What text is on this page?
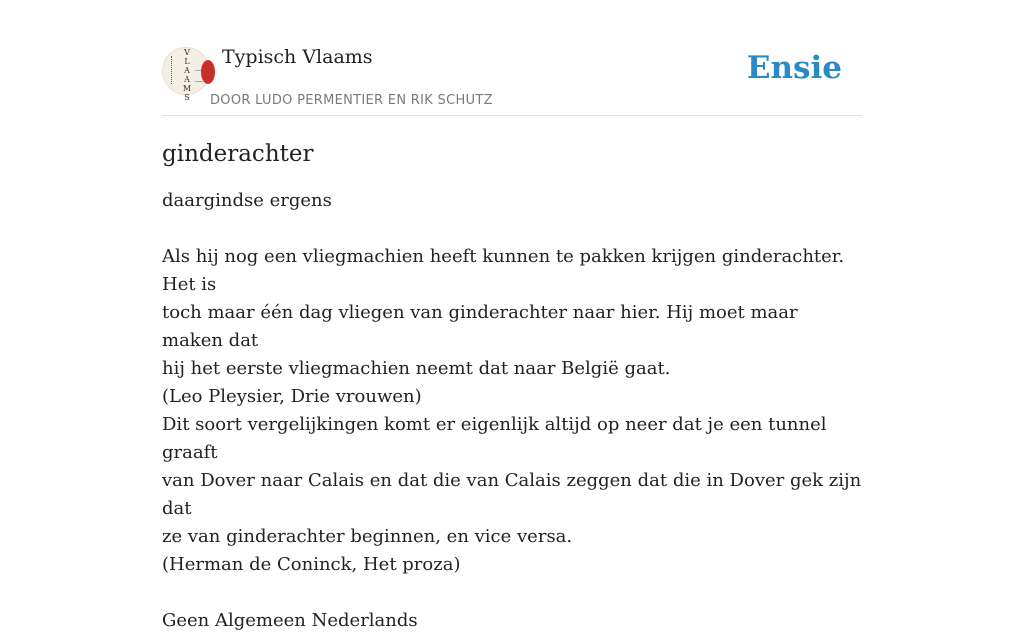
V
L
A
A
M
S
Typisch Vlaams
DOOR LUDO PERMENTIER EN RIK SCHUTZ
Ensie
ginderachter

daargindse ergens

Als hij nog een vliegmachien heeft kunnen te pakken krijgen ginderachter. Het is
toch maar één dag vliegen van ginderachter naar hier. Hij moet maar maken dat
hij het eerste vliegmachien neemt dat naar België gaat.
(Leo Pleysier, Drie vrouwen)
Dit soort vergelijkingen komt er eigenlijk altijd op neer dat je een tunnel graaft
van Dover naar Calais en dat die van Calais zeggen dat die in Dover gek zijn dat
ze van ginderachter beginnen, en vice versa.
(Herman de Coninck, Het proza)

Geen Algemeen Nederlands
